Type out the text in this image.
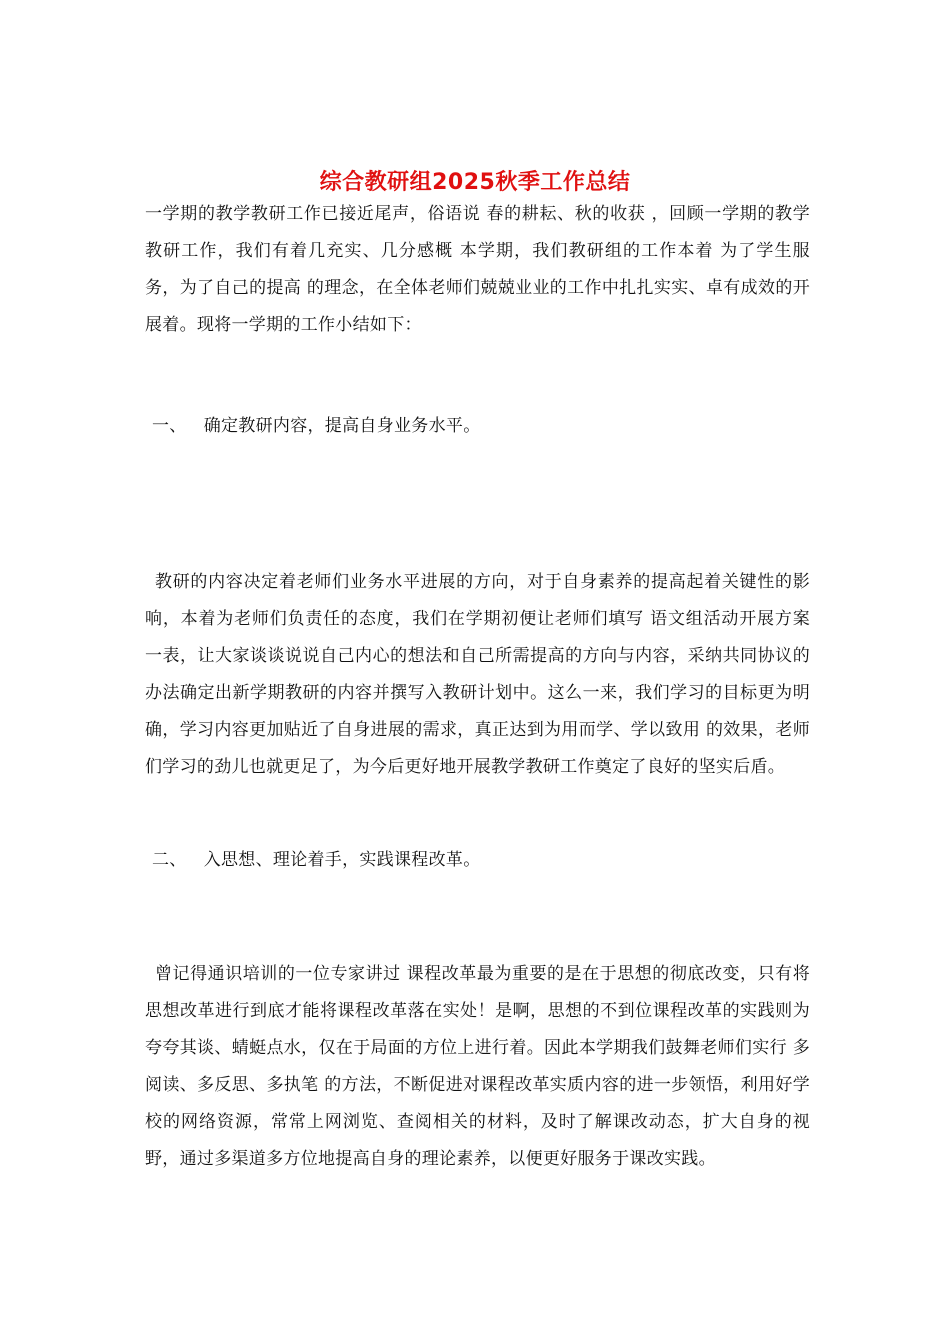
综合教研组2025秋季工作总结

一学期的教学教研工作已接近尾声，俗语说 春的耕耘、秋的收获 ，回顾一学期的教学教研工作，我们有着几充实、几分感概 本学期，我们教研组的工作本着 为了学生服务，为了自己的提高 的理念，在全体老师们兢兢业业的工作中扎扎实实、卓有成效的开展着。现将一学期的工作小结如下：

一、   确定教研内容，提高自身业务水平。

教研的内容决定着老师们业务水平进展的方向，对于自身素养的提高起着关键性的影响，本着为老师们负责任的态度，我们在学期初便让老师们填写 语文组活动开展方案 一表，让大家谈谈说说自己内心的想法和自己所需提高的方向与内容，采纳共同协议的办法确定出新学期教研的内容并撰写入教研计划中。这么一来，我们学习的目标更为明确，学习内容更加贴近了自身进展的需求，真正达到为用而学、学以致用 的效果，老师们学习的劲儿也就更足了，为今后更好地开展教学教研工作奠定了良好的坚实后盾。

二、   入思想、理论着手，实践课程改革。

曾记得通识培训的一位专家讲过 课程改革最为重要的是在于思想的彻底改变，只有将思想改革进行到底才能将课程改革落在实处！是啊，思想的不到位课程改革的实践则为夸夸其谈、蜻蜓点水，仅在于局面的方位上进行着。因此本学期我们鼓舞老师们实行 多阅读、多反思、多执笔 的方法，不断促进对课程改革实质内容的进一步领悟，利用好学校的网络资源，常常上网浏览、查阅相关的材料，及时了解课改动态，扩大自身的视野，通过多渠道多方位地提高自身的理论素养，以便更好服务于课改实践。
